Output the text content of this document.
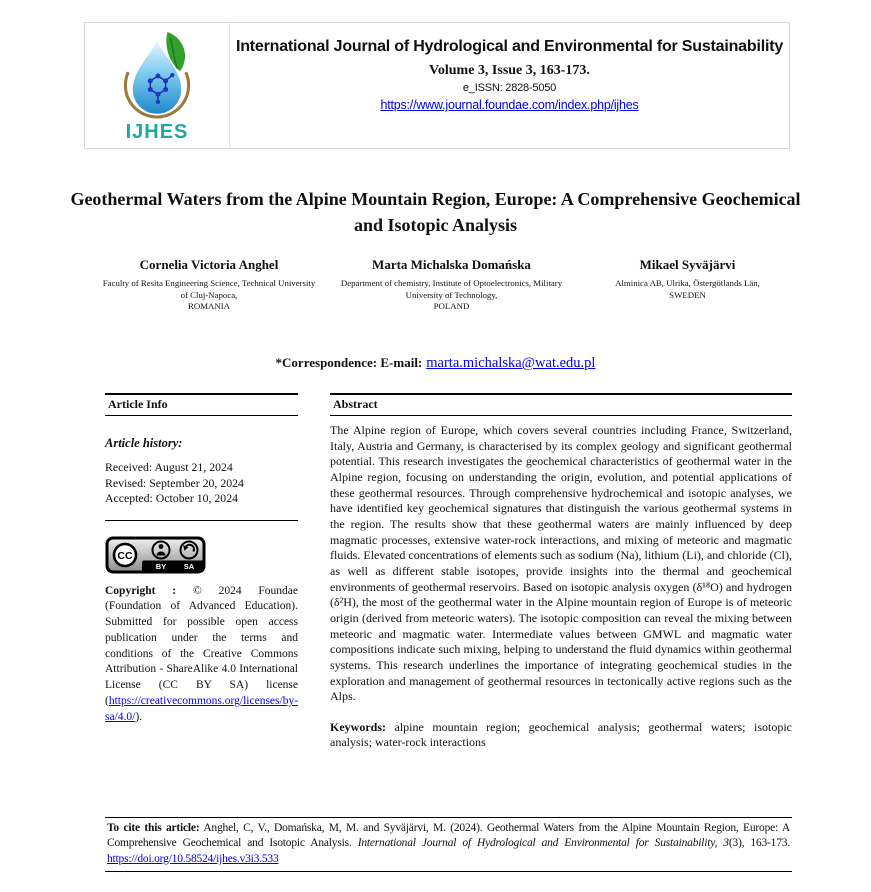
IJHES
International Journal of Hydrological and Environmental for Sustainability
Volume 3, Issue 3, 163-173.
e_ISSN: 2828-5050
https://www.journal.foundae.com/index.php/ijhes
Geothermal Waters from the Alpine Mountain Region, Europe: A Comprehensive Geochemical and Isotopic Analysis
Cornelia Victoria Anghel
Faculty of Resita Engineering Science, Technical University of Cluj-Napoca,
ROMANIA
Marta Michalska Domańska
Department of chemistry, Institute of Optoelectronics, Military University of Technology,
POLAND
Mikael Syväjärvi
Alminica AB, Ulrika, Östergötlands Län,
SWEDEN
*Correspondence: E-mail: marta.michalska@wat.edu.pl
Article Info
Article history:
Received: August 21, 2024
Revised: September 20, 2024
Accepted: October 10, 2024
CC
BY SA

Copyright : © 2024 Foundae (Foundation of Advanced Education). Submitted for possible open access publication under the terms and conditions of the Creative Commons Attribution - ShareAlike 4.0 International License (CC BY SA) license (https://creativecommons.org/licenses/by-sa/4.0/).

Abstract

The Alpine region of Europe, which covers several countries including France, Switzerland, Italy, Austria and Germany, is characterised by its complex geology and significant geothermal potential. This research investigates the geochemical characteristics of geothermal water in the Alpine region, focusing on understanding the origin, evolution, and potential applications of these geothermal resources. Through comprehensive hydrochemical and isotopic analyses, we have identified key geochemical signatures that distinguish the various geothermal systems in the region. The results show that these geothermal waters are mainly influenced by deep magmatic processes, extensive water-rock interactions, and mixing of meteoric and magmatic fluids. Elevated concentrations of elements such as sodium (Na), lithium (Li), and chloride (Cl), as well as different stable isotopes, provide insights into the thermal and geochemical environments of geothermal reservoirs. Based on isotopic analysis oxygen (δ¹⁸O) and hydrogen (δ²H), the most of the geothermal water in the Alpine mountain region of Europe is of meteoric origin (derived from meteoric waters). The isotopic composition can reveal the mixing between meteoric and magmatic water. Intermediate values between GMWL and magmatic water compositions indicate such mixing, helping to understand the fluid dynamics within geothermal systems. This research underlines the importance of integrating geochemical studies in the exploration and management of geothermal resources in tectonically active regions such as the Alps.

Keywords: alpine mountain region; geochemical analysis; geothermal waters; isotopic analysis; water-rock interactions

To cite this article: Anghel, C, V., Domańska, M, M. and Syväjärvi, M. (2024). Geothermal Waters from the Alpine Mountain Region, Europe: A Comprehensive Geochemical and Isotopic Analysis. International Journal of Hydrological and Environmental for Sustainability, 3(3), 163-173. https://doi.org/10.58524/ijhes.v3i3.533
